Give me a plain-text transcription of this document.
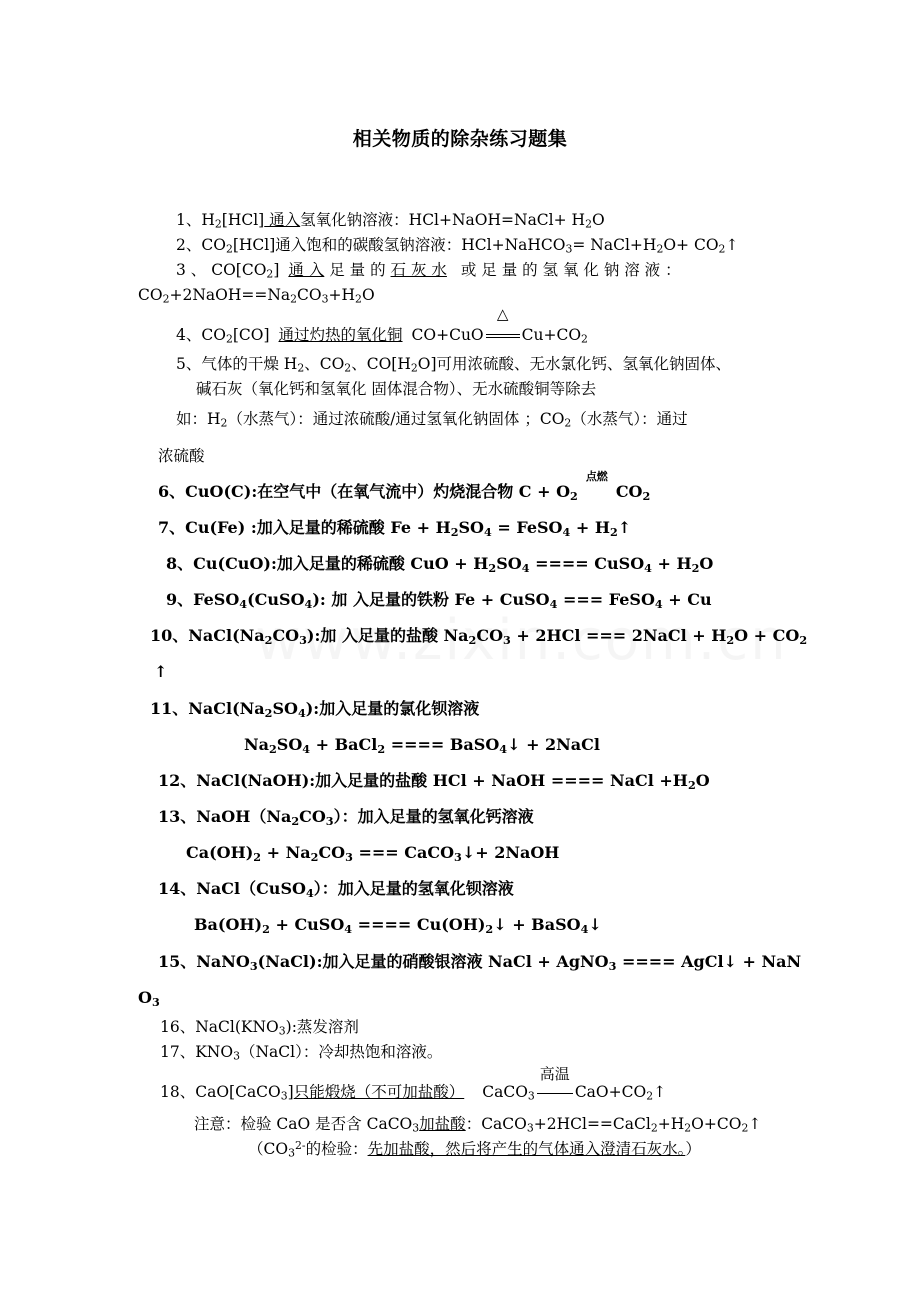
相关物质的除杂练习题集
1、$H_2[HCl]$ 通入氢氧化钠溶液：HCl+NaOH=NaCl+ $H_2O$
2、$CO_2[HCl]$通入饱和的碳酸氢钠溶液：HCl+NaHCO$_3$= $NaCl+H_2O+$ $CO_2↑$
3 、 $CO[CO_2]$ 通 入 足 量 的 石 灰 水 或 足 量 的 氢 氧 化 钠 溶 液 ：
$CO_2+2NaOH==Na_2CO_3+H_2O$
4、$CO_2[CO]$ 通过灼热的氧化铜 CO+CuO
△
$Cu+CO_2$
5、气体的干燥 $H_2$、$CO_2$、$CO[H_2O]$可用浓硫酸、无水氯化钙、氢氧化钠固体、
碱石灰（氧化钙和氢氧化 固体混合物）、无水硫酸铜等除去
如：$H_2$（水蒸气）：通过浓硫酸/通过氢氧化钠固体 ；$CO_2$（水蒸气）：通过
浓硫酸
6、CuO(C):在空气中（在氧气流中）灼烧混合物 $C + O_2$
点燃
$CO_2$
7、Cu(Fe) :加入足量的稀硫酸 $Fe + H_2SO_4$ = FeSO$_4$ + $H_2↑$
8、Cu(CuO):加入足量的稀硫酸 CuO + $H_2SO_4$ ==== CuSO$_4$ + $H_2O$
9、FeSO$_4$(CuSO$_4$): 加 入足量的铁粉 Fe + CuSO$_4$ === FeSO$_4$ + Cu
10、$NaCl(Na_2CO_3)$:加 入足量的盐酸 $Na_2CO_3 + 2HCl$ === 2NaCl + $H_2O + CO_2$
↑
11、$NaCl(Na_2SO_4)$:加入足量的氯化钡溶液
$Na_2SO_4$ + BaCl$_2$ ==== BaSO$_4$↓ + 2NaCl
12、NaCl(NaOH):加入足量的盐酸 HCl + NaOH ==== NaCl $+H_2O$
13、$NaOH(Na_2CO_3)$：加入足量的氢氧化钙溶液
$Ca(OH)_2 + Na_2CO_3$ === CaCO$_3$↓+ 2NaOH
14、NaCl（CuSO$_4$）：加入足量的氢氧化钡溶液
$Ba(OH)_2$ + CuSO$_4$ ==== $Cu(OH)_2↓$ + BaSO$_4$↓
15、NaNO$_3$(NaCl):加入足量的硝酸银溶液 NaCl + AgNO$_3$ ==== AgCl↓ + NaN
$O_3$
16、$NaCl(KNO_3)$:蒸发溶剂
17、$KNO_3(NaCl)$：冷却热饱和溶液。
18、CaO[CaCO$_3$]只能煅烧（不可加盐酸） CaCO$_3$
高温
$CaO+CO_2↑$
注意：检验 CaO 是否含 CaCO$_3$加盐酸：$CaCO_3+2HCl==CaCl_2+H_2O+CO_2↑$
（$CO_3^{2-}$的检验：先加盐酸，然后将产生的气体通入澄清石灰水。）
